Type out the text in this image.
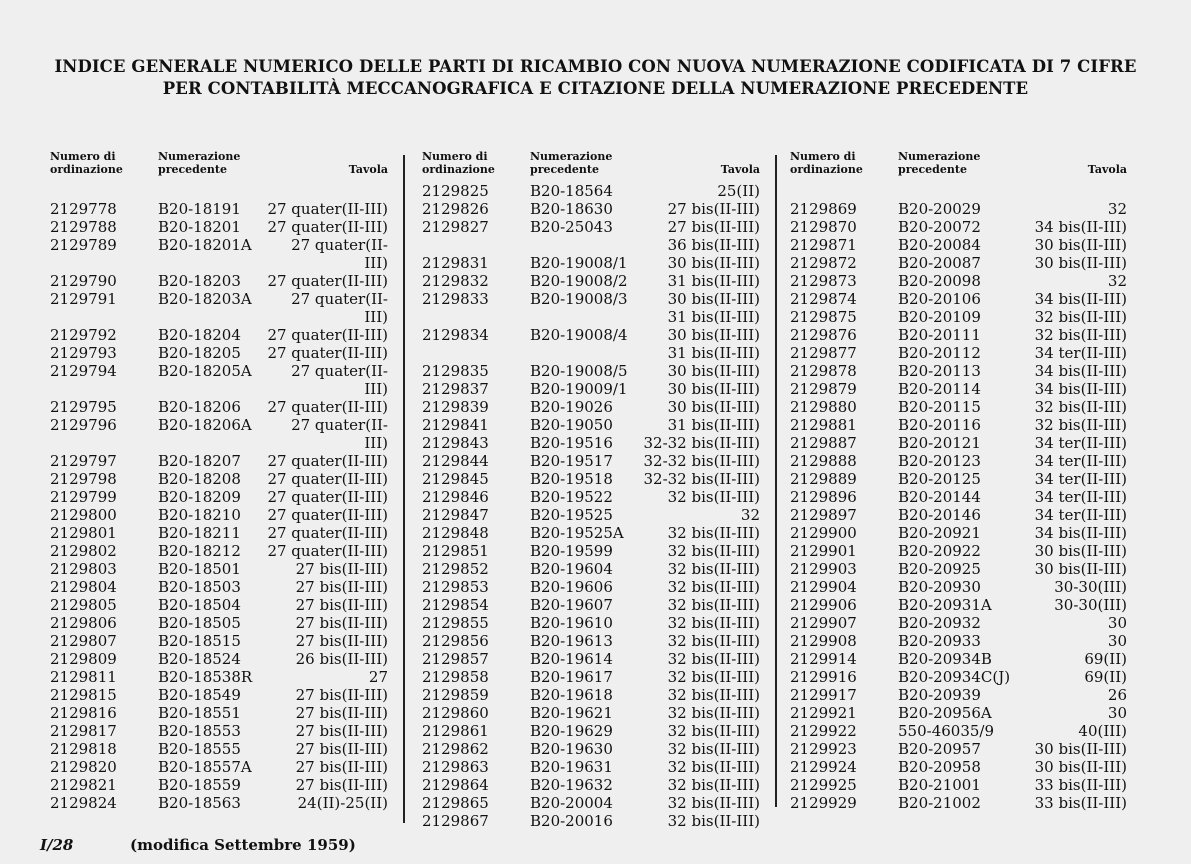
INDICE GENERALE NUMERICO DELLE PARTI DI RICAMBIO CON NUOVA NUMERAZIONE CODIFICATA DI 7 CIFRE
PER CONTABILITÀ MECCANOGRAFICA E CITAZIONE DELLA NUMERAZIONE PRECEDENTE
Numero di
ordinazione
Numerazione
precedente	Tavola
2129778	B20-18191 27 quater(II-III)
2129788	B20-18201 27 quater(II-III)
2129789	B20-18201A	27 quater(II-
III)
2129790	B20-18203 27 quater(II-III)
2129791	B20-18203A	27 quater(II-
III)
2129792	B20-18204 27 quater(II-III)
2129793	B20-18205 27 quater(II-III)
2129794	B20-18205A	27 quater(II-
III)
2129795	B20-18206 27 quater(II-III)
2129796	B20-18206A	27 quater(II-
III)
2129797	B20-18207 27 quater(II-III)
2129798	B20-18208 27 quater(II-III)
2129799	B20-18209 27 quater(II-III)
2129800	B20-18210 27 quater(II-III)
2129801	B20-18211 27 quater(II-III)
2129802	B20-18212 27 quater(II-III)
2129803	B20-18501	27 bis(II-III)
2129804	B20-18503	27 bis(II-III)
2129805	B20-18504	27 bis(II-III)
2129806	B20-18505	27 bis(II-III)
2129807	B20-18515	27 bis(II-III)
2129809	B20-18524	26 bis(II-III)
2129811	B20-18538R	27
2129815	B20-18549	27 bis(II-III)
2129816	B20-18551	27 bis(II-III)
2129817	B20-18553	27 bis(II-III)
2129818	B20-18555	27 bis(II-III)
2129820	B20-18557A	27 bis(II-III)
2129821	B20-18559	27 bis(II-III)
2129824	B20-18563	24(II)-25(II)
Numero di
ordinazione
Numerazione
precedente	Tavola
2129825	B20-18564	25(II)
2129826	B20-18630	27 bis(II-III)
2129827	B20-25043	27 bis(II-III)
36 bis(II-III)
2129831	B20-19008/1	30 bis(II-III)
2129832	B20-19008/2	31 bis(II-III)
2129833	B20-19008/3	30 bis(II-III)
31 bis(II-III)
2129834	B20-19008/4	30 bis(II-III)
31 bis(II-III)
2129835	B20-19008/5	30 bis(II-III)
2129837	B20-19009/1	30 bis(II-III)
2129839	B20-19026	30 bis(II-III)
2129841	B20-19050	31 bis(II-III)
2129843	B20-19516 32-32 bis(II-III)
2129844	B20-19517 32-32 bis(II-III)
2129845	B20-19518 32-32 bis(II-III)
2129846	B20-19522	32 bis(II-III)
2129847	B20-19525	32
2129848	B20-19525A	32 bis(II-III)
2129851	B20-19599	32 bis(II-III)
2129852	B20-19604	32 bis(II-III)
2129853	B20-19606	32 bis(II-III)
2129854	B20-19607	32 bis(II-III)
2129855	B20-19610	32 bis(II-III)
2129856	B20-19613	32 bis(II-III)
2129857	B20-19614	32 bis(II-III)
2129858	B20-19617	32 bis(II-III)
2129859	B20-19618	32 bis(II-III)
2129860	B20-19621	32 bis(II-III)
2129861	B20-19629	32 bis(II-III)
2129862	B20-19630	32 bis(II-III)
2129863	B20-19631	32 bis(II-III)
2129864	B20-19632	32 bis(II-III)
2129865	B20-20004	32 bis(II-III)
2129867	B20-20016	32 bis(II-III)
Numero di
ordinazione
Numerazione
precedente	Tavola
2129869	B20-20029	32
2129870	B20-20072	34 bis(II-III)
2129871	B20-20084	30 bis(II-III)
2129872	B20-20087	30 bis(II-III)
2129873	B20-20098	32
2129874	B20-20106	34 bis(II-III)
2129875	B20-20109	32 bis(II-III)
2129876	B20-20111	32 bis(II-III)
2129877	B20-20112	34 ter(II-III)
2129878	B20-20113	34 bis(II-III)
2129879	B20-20114	34 bis(II-III)
2129880	B20-20115	32 bis(II-III)
2129881	B20-20116	32 bis(II-III)
2129887	B20-20121	34 ter(II-III)
2129888	B20-20123	34 ter(II-III)
2129889	B20-20125	34 ter(II-III)
2129896	B20-20144	34 ter(II-III)
2129897	B20-20146	34 ter(II-III)
2129900	B20-20921	34 bis(II-III)
2129901	B20-20922	30 bis(II-III)
2129903	B20-20925	30 bis(II-III)
2129904	B20-20930	30-30(III)
2129906	B20-20931A	30-30(III)
2129907	B20-20932	30
2129908	B20-20933	30
2129914	B20-20934B	69(II)
2129916	B20-20934C(J)	69(II)
2129917	B20-20939	26
2129921	B20-20956A	30
2129922	550-46035/9	40(III)
2129923	B20-20957	30 bis(II-III)
2129924	B20-20958	30 bis(II-III)
2129925	B20-21001	33 bis(II-III)
2129929	B20-21002	33 bis(II-III)
I/28	(modifica Settembre 1959)
